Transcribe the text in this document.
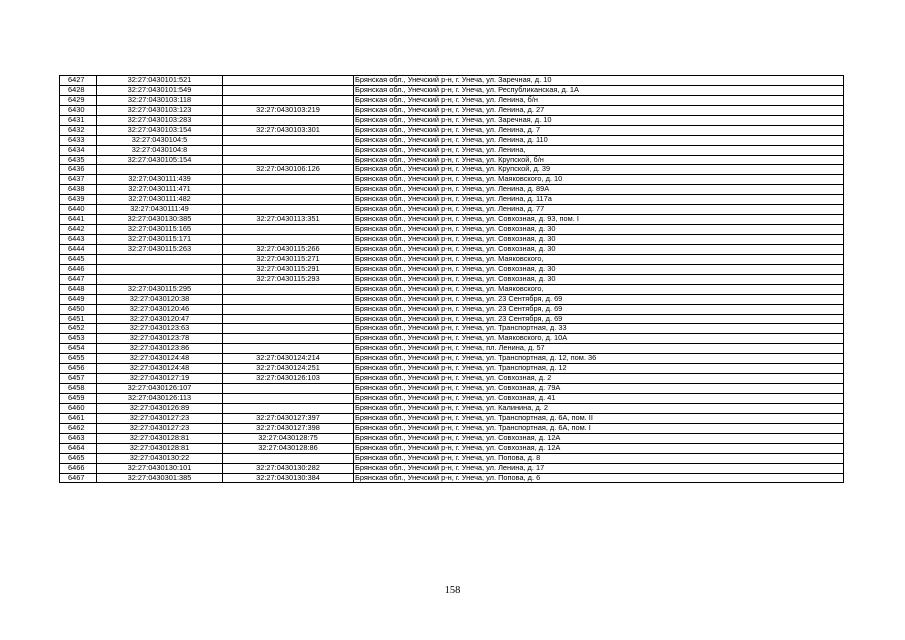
6427	32:27:0430101:521		Брянская обл., Унечский р-н, г. Унеча, ул. Заречная, д. 10
6428	32:27:0430101:549		Брянская обл., Унечский р-н, г. Унеча, ул. Республиканская, д. 1А
6429	32:27:0430103:118		Брянская обл., Унечский р-н, г. Унеча, ул. Ленина, б/н
6430	32:27:0430103:123	32:27:0430103:219	Брянская обл., Унечский р-н, г. Унеча, ул. Ленина, д. 27
6431	32:27:0430103:283		Брянская обл., Унечский р-н, г. Унеча, ул. Заречная, д. 10
6432	32:27:0430103:154	32:27:0430103:301	Брянская обл., Унечский р-н, г. Унеча, ул. Ленина, д. 7
6433	32:27:0430104:5		Брянская обл., Унечский р-н, г. Унеча, ул. Ленина, д. 110
6434	32:27:0430104:8		Брянская обл., Унечский р-н, г. Унеча, ул. Ленина,
6435	32:27:0430105:154		Брянская обл., Унечский р-н, г. Унеча, ул. Крупской, б/н
6436		32:27:0430106:126	Брянская обл., Унечский р-н, г. Унеча, ул. Крупской, д. 39
6437	32:27:0430111:439		Брянская обл., Унечский р-н, г. Унеча, ул. Маяковского, д. 10
6438	32:27:0430111:471		Брянская обл., Унечский р-н, г. Унеча, ул. Ленина, д. 89А
6439	32:27:0430111:482		Брянская обл., Унечский р-н, г. Унеча, ул. Ленина, д. 117а
6440	32:27:0430111:49		Брянская обл., Унечский р-н, г. Унеча, ул. Ленина, д. 77
6441	32:27:0430130:385	32:27:0430113:351	Брянская обл., Унечский р-н, г. Унеча, ул. Совхозная, д. 93, пом. I
6442	32:27:0430115:165		Брянская обл., Унечский р-н, г. Унеча, ул. Совхозная, д. 30
6443	32:27:0430115:171		Брянская обл., Унечский р-н, г. Унеча, ул. Совхозная, д. 30
6444	32:27:0430115:263	32:27:0430115:266	Брянская обл., Унечский р-н, г. Унеча, ул. Совхозная, д. 30
6445		32:27:0430115:271	Брянская обл., Унечский р-н, г. Унеча, ул. Маяковского,
6446		32:27:0430115:291	Брянская обл., Унечский р-н, г. Унеча, ул. Совхозная, д. 30
6447		32:27:0430115:293	Брянская обл., Унечский р-н, г. Унеча, ул. Совхозная, д. 30
6448	32:27:0430115:295		Брянская обл., Унечский р-н, г. Унеча, ул. Маяковского,
6449	32:27:0430120:38		Брянская обл., Унечский р-н, г. Унеча, ул. 23 Сентября, д. 69
6450	32:27:0430120:46		Брянская обл., Унечский р-н, г. Унеча, ул. 23 Сентября, д. 69
6451	32:27:0430120:47		Брянская обл., Унечский р-н, г. Унеча, ул. 23 Сентября, д. 69
6452	32:27:0430123:63		Брянская обл., Унечский р-н, г. Унеча, ул. Транспортная, д. 33
6453	32:27:0430123:78		Брянская обл., Унечский р-н, г. Унеча, ул. Маяковского, д. 10А
6454	32:27:0430123:86		Брянская обл., Унечский р-н, г. Унеча, пл. Ленина, д. 57
6455	32:27:0430124:48	32:27:0430124:214	Брянская обл., Унечский р-н, г. Унеча, ул. Транспортная, д. 12, пом. 36
6456	32:27:0430124:48	32:27:0430124:251	Брянская обл., Унечский р-н, г. Унеча, ул. Транспортная, д. 12
6457	32:27:0430127:19	32:27:0430126:103	Брянская обл., Унечский р-н, г. Унеча, ул. Совхозная, д. 2
6458	32:27:0430126:107		Брянская обл., Унечский р-н, г. Унеча, ул. Совхозная, д. 79А
6459	32:27:0430126:113		Брянская обл., Унечский р-н, г. Унеча, ул. Совхозная, д. 41
6460	32:27:0430126:89		Брянская обл., Унечский р-н, г. Унеча, ул. Калинина, д. 2
6461	32:27:0430127:23	32:27:0430127:397	Брянская обл., Унечский р-н, г. Унеча, ул. Транспортная, д. 6А, пом. II
6462	32:27:0430127:23	32:27:0430127:398	Брянская обл., Унечский р-н, г. Унеча, ул. Транспортная, д. 6А, пом. I
6463	32:27:0430128:81	32:27:0430128:75	Брянская обл., Унечский р-н, г. Унеча, ул. Совхозная, д. 12А
6464	32:27:0430128:81	32:27:0430128:86	Брянская обл., Унечский р-н, г. Унеча, ул. Совхозная, д. 12А
6465	32:27:0430130:22		Брянская обл., Унечский р-н, г. Унеча, ул. Попова, д. 8
6466	32:27:0430130:101	32:27:0430130:282	Брянская обл., Унечский р-н, г. Унеча, ул. Ленина, д. 17
6467	32:27:0430301:385	32:27:0430130:384	Брянская обл., Унечский р-н, г. Унеча, ул. Попова, д. 6
158
